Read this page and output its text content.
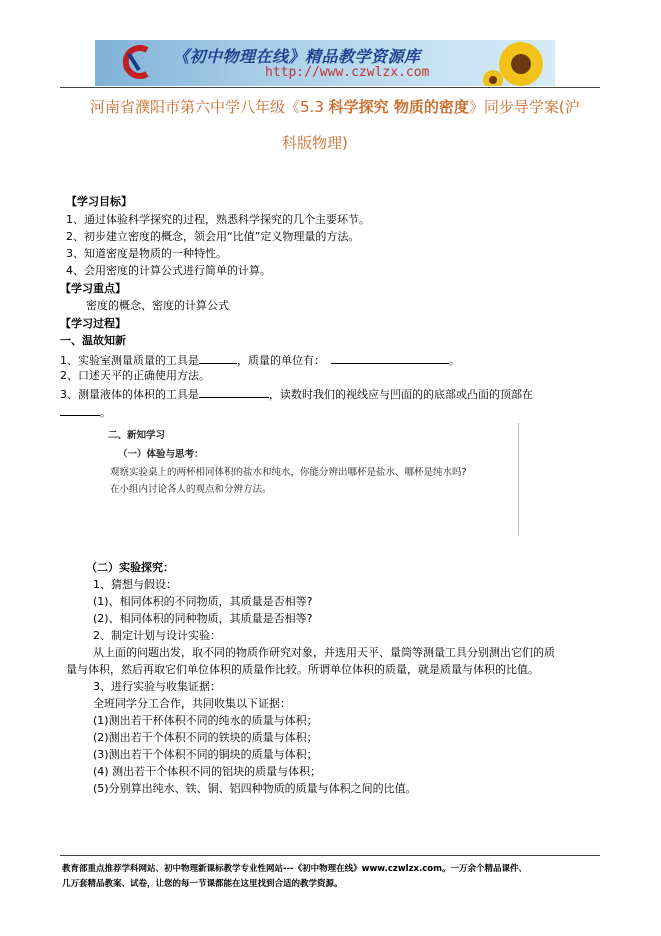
《初中物理在线》精品教学资源库
http://www.czwlzx.com
河南省濮阳市第六中学八年级《5.3 科学探究 物质的密度》同步导学案(沪
科版物理)
【学习目标】
1、通过体验科学探究的过程，熟悉科学探究的几个主要环节。
2、初步建立密度的概念，领会用“比值”定义物理量的方法。
3、知道密度是物质的一种特性。
4、会用密度的计算公式进行简单的计算。
【学习重点】
密度的概念、密度的计算公式
【学习过程】
一、温故知新
1、实验室测量质量的工具是	，质量的单位有：	。
2、口述天平的正确使用方法。
3、测量液体的体积的工具是	，读数时我们的视线应与凹面的的底部或凸面的顶部在
。
二、新知学习
（一）体验与思考：
观察实验桌上的两杯相同体积的盐水和纯水，你能分辨出哪杯是盐水、哪杯是纯水吗?
在小组内讨论各人的观点和分辨方法。
（二）实验探究：
1、猜想与假设：
(1)、相同体积的不同物质，其质量是否相等?
(2)、相同体积的同种物质，其质量是否相等?
2、制定计划与设计实验：
从上面的问题出发，取不同的物质作研究对象，并选用天平、量筒等测量工具分别测出它们的质
量与体积，然后再取它们单位体积的质量作比较。所谓单位体积的质量，就是质量与体积的比值。
3、进行实验与收集证据：
全班同学分工合作，共同收集以下证据：
(1)测出若干杯体积不同的纯水的质量与体积；
(2)测出若干个体积不同的铁块的质量与体积；
(3)测出若干个体积不同的铜块的质量与体积；
(4) 测出若干个体积不同的铝块的质量与体积；
(5)分别算出纯水、铁、铜、铝四种物质的质量与体积之间的比值。
教育部重点推荐学科网站、初中物理新课标教学专业性网站---《初中物理在线》www.czwlzx.com。一万余个精品课件、
几万套精品教案、试卷，让您的每一节课都能在这里找到合适的教学资源。
